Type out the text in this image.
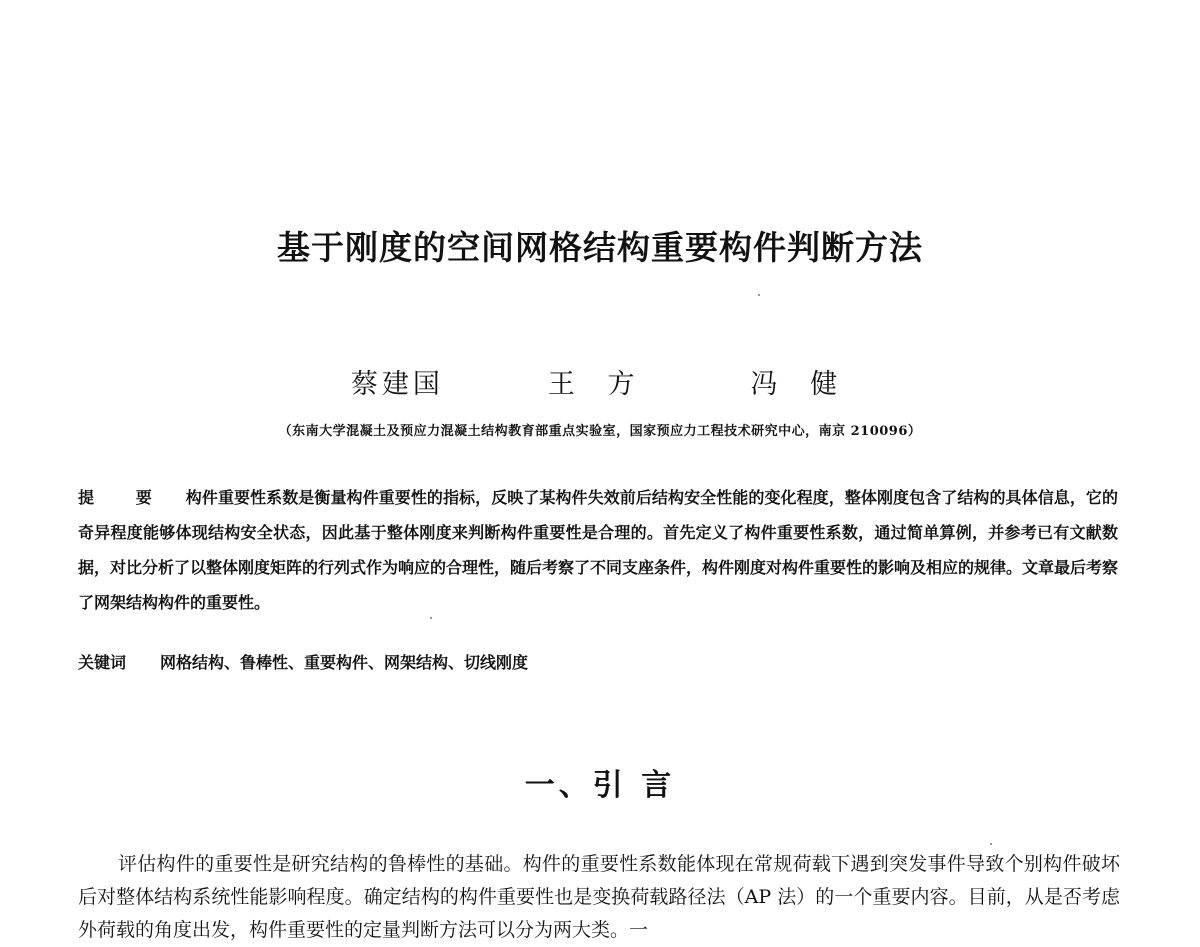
基于刚度的空间网格结构重要构件判断方法
蔡建国	王 方	冯 健
（东南大学混凝土及预应力混凝土结构教育部重点实验室，国家预应力工程技术研究中心，南京 210096）
提 要 构件重要性系数是衡量构件重要性的指标，反映了某构件失效前后结构安全性能的变化程度，整体刚度包含了结构的具体信息，它的奇异程度能够体现结构安全状态，因此基于整体刚度来判断构件重要性是合理的。首先定义了构件重要性系数，通过简单算例，并参考已有文献数据，对比分析了以整体刚度矩阵的行列式作为响应的合理性，随后考察了不同支座条件，构件刚度对构件重要性的影响及相应的规律。文章最后考察了网架结构构件的重要性。
关键词 网格结构、鲁棒性、重要构件、网架结构、切线刚度
一、引 言

评估构件的重要性是研究结构的鲁棒性的基础。构件的重要性系数能体现在常规荷载下遇到突发事件导致个别构件破坏后对整体结构系统性能影响程度。确定结构的构件重要性也是变换荷载路径法（AP 法）的一个重要内容。目前，从是否考虑外荷载的角度出发，构件重要性的定量判断方法可以分为两大类。一
